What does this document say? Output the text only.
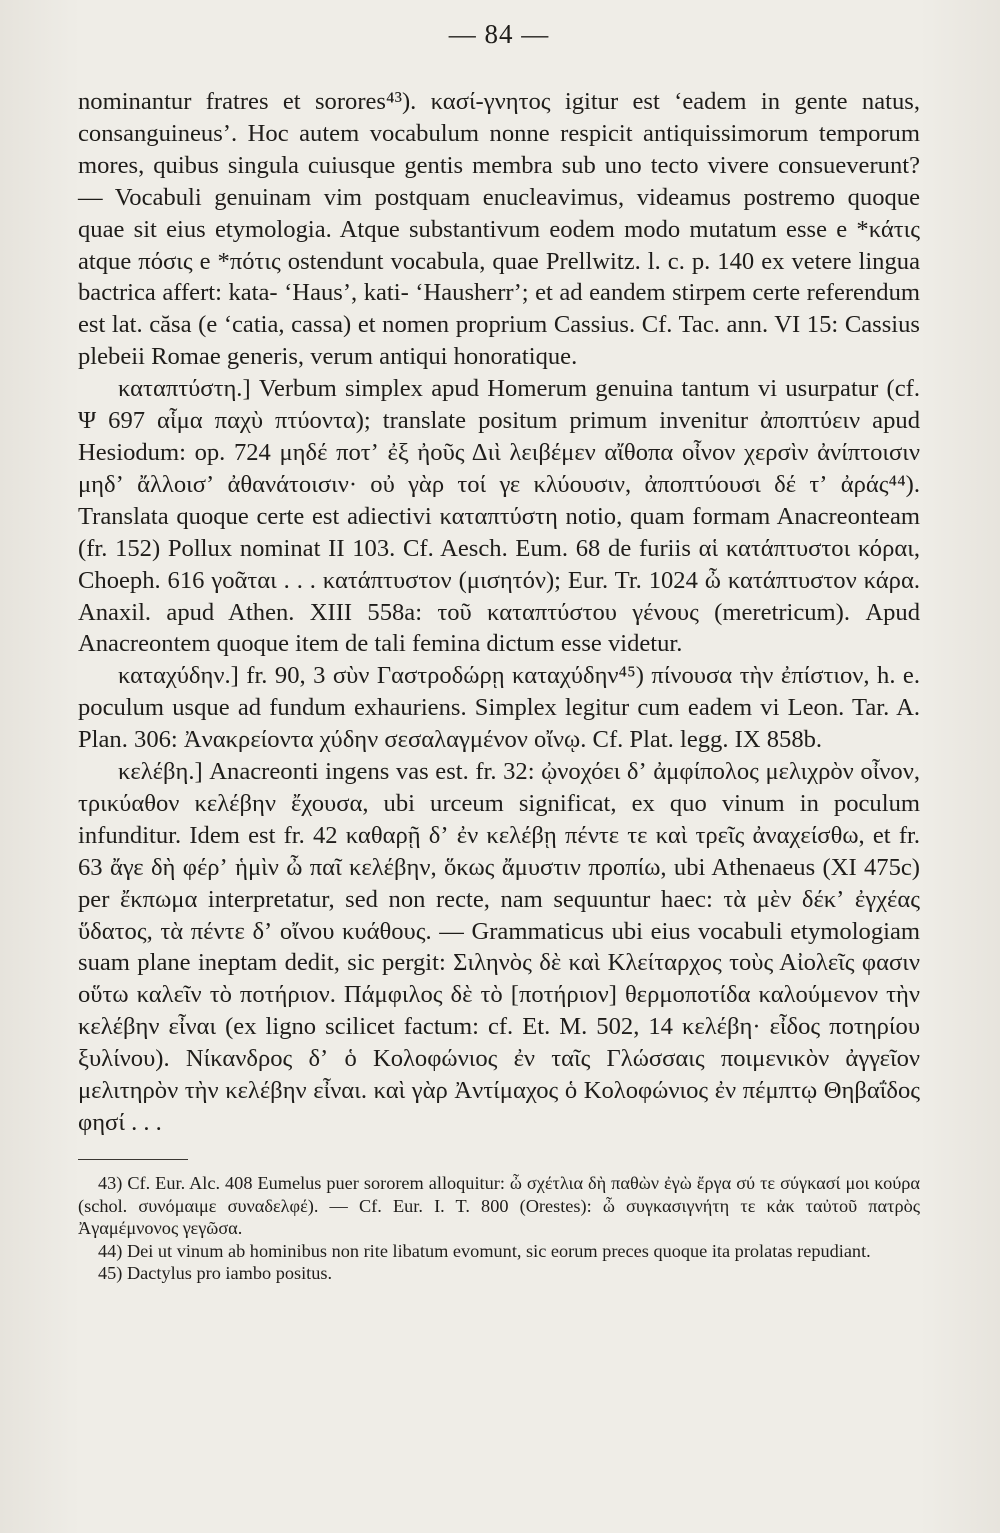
— 84 —

nominantur fratres et sorores⁴³). κασί-γνητος igitur est ʻeadem in gente natus, consanguineusʼ. Hoc autem vocabulum nonne respicit antiquissimorum temporum mores, quibus singula cuiusque gentis membra sub uno tecto vivere consueverunt? — Vocabuli genuinam vim postquam enucleavimus, videamus postremo quoque quae sit eius etymologia. Atque substantivum eodem modo mutatum esse e *κάτις atque πόσις e *πότις ostendunt vocabula, quae Prellwitz. l. c. p. 140 ex vetere lingua bactrica affert: kata- ʻHausʼ, kati- ʻHausherrʼ; et ad eandem stirpem certe referendum est lat. căsa (e ʻcatia, cassa) et nomen proprium Cassius. Cf. Tac. ann. VI 15: Cassius plebeii Romae generis, verum antiqui honoratique.

καταπτύστη.] Verbum simplex apud Homerum genuina tantum vi usurpatur (cf. Ψ 697 αἷμα παχὺ πτύοντα); translate positum primum invenitur ἀποπτύειν apud Hesiodum: op. 724 μηδέ ποτʼ ἐξ ἠοῦς Διὶ λειβέμεν αἴθοπα οἶνον χερσὶν ἀνίπτοισιν μηδʼ ἄλλοισʼ ἀθανάτοισιν· οὐ γὰρ τοί γε κλύουσιν, ἀποπτύουσι δέ τʼ ἀράς⁴⁴). Translata quoque certe est adiectivi καταπτύστη notio, quam formam Anacreonteam (fr. 152) Pollux nominat II 103. Cf. Aesch. Eum. 68 de furiis αἱ κατάπτυστοι κόραι, Choeph. 616 γοᾶται . . . κατάπτυστον (μισητόν); Eur. Tr. 1024 ὦ κατάπτυστον κάρα. Anaxil. apud Athen. XIII 558a: τοῦ καταπτύστου γένους (meretricum). Apud Anacreontem quoque item de tali femina dictum esse videtur.

καταχύδην.] fr. 90, 3 σὺν Γαστροδώρῃ καταχύδην⁴⁵) πίνουσα τὴν ἐπίστιον, h. e. poculum usque ad fundum exhauriens. Simplex legitur cum eadem vi Leon. Tar. A. Plan. 306: Ἀνακρείοντα χύδην σεσαλαγμένον οἴνῳ. Cf. Plat. legg. IX 858b.

κελέβη.] Anacreonti ingens vas est. fr. 32: ᾠνοχόει δʼ ἀμφίπολος μελιχρὸν οἶνον, τρικύαθον κελέβην ἔχουσα, ubi urceum significat, ex quo vinum in poculum infunditur. Idem est fr. 42 καθαρῇ δʼ ἐν κελέβῃ πέντε τε καὶ τρεῖς ἀναχείσθω, et fr. 63 ἄγε δὴ φέρʼ ἡμὶν ὦ παῖ κελέβην, ὅκως ἄμυστιν προπίω, ubi Athenaeus (XI 475c) per ἔκπωμα interpretatur, sed non recte, nam sequuntur haec: τὰ μὲν δέκʼ ἐγχέας ὕδατος, τὰ πέντε δʼ οἴνου κυάθους. — Grammaticus ubi eius vocabuli etymologiam suam plane ineptam dedit, sic pergit: Σιληνὸς δὲ καὶ Κλείταρχος τοὺς Αἰολεῖς φασιν οὕτω καλεῖν τὸ ποτήριον. Πάμφιλος δὲ τὸ [ποτήριον] θερμοποτίδα καλούμενον τὴν κελέβην εἶναι (ex ligno scilicet factum: cf. Et. M. 502, 14 κελέβη· εἶδος ποτηρίου ξυλίνου). Νίκανδρος δʼ ὁ Κολοφώνιος ἐν ταῖς Γλώσσαις ποιμενικὸν ἀγγεῖον μελιτηρὸν τὴν κελέβην εἶναι. καὶ γὰρ Ἀντίμαχος ὁ Κολοφώνιος ἐν πέμπτῳ Θηβαΐδος φησί . . .

43) Cf. Eur. Alc. 408 Eumelus puer sororem alloquitur: ὦ σχέτλια δὴ παθὼν ἐγὼ ἔργα σύ τε σύγκασί μοι κούρα (schol. συνόμαιμε συναδελφέ). — Cf. Eur. I. T. 800 (Orestes): ὦ συγκασιγνήτη τε κἀκ ταὐτοῦ πατρὸς Ἀγαμέμνονος γεγῶσα.

44) Dei ut vinum ab hominibus non rite libatum evomunt, sic eorum preces quoque ita prolatas repudiant.

45) Dactylus pro iambo positus.
